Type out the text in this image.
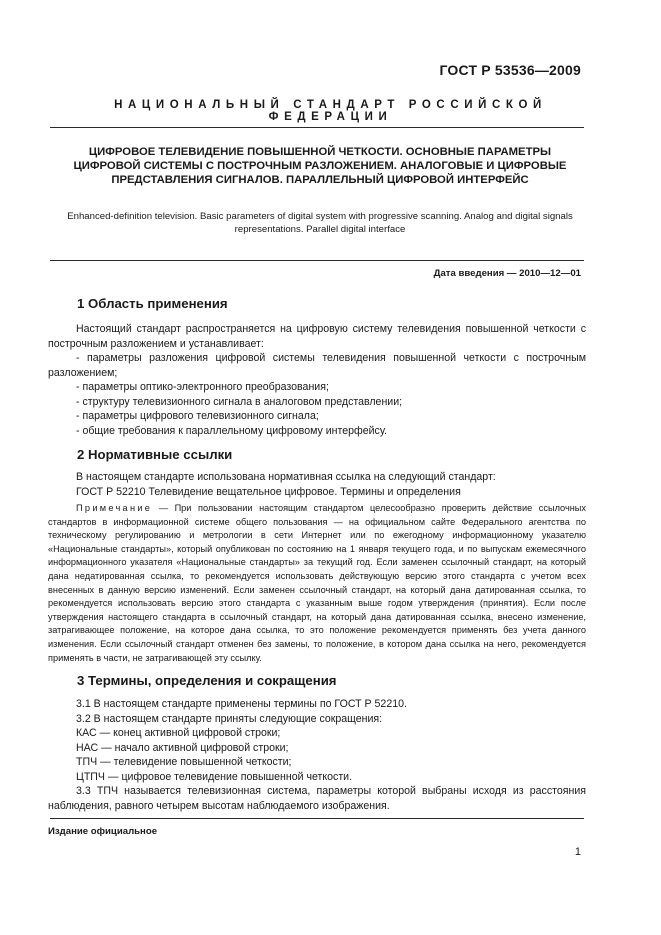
ГОСТ Р 53536—2009
НАЦИОНАЛЬНЫЙ СТАНДАРТ РОССИЙСКОЙ ФЕДЕРАЦИИ
ЦИФРОВОЕ ТЕЛЕВИДЕНИЕ ПОВЫШЕННОЙ ЧЕТКОСТИ. ОСНОВНЫЕ ПАРАМЕТРЫ ЦИФРОВОЙ СИСТЕМЫ С ПОСТРОЧНЫМ РАЗЛОЖЕНИЕМ. АНАЛОГОВЫЕ И ЦИФРОВЫЕ ПРЕДСТАВЛЕНИЯ СИГНАЛОВ. ПАРАЛЛЕЛЬНЫЙ ЦИФРОВОЙ ИНТЕРФЕЙС
Enhanced-definition television. Basic parameters of digital system with progressive scanning. Analog and digital signals representations. Parallel digital interface
Дата введения — 2010—12—01
1 Область применения

Настоящий стандарт распространяется на цифровую систему телевидения повышенной четкости с построчным разложением и устанавливает:

- параметры разложения цифровой системы телевидения повышенной четкости с построчным разложением;

- параметры оптико-электронного преобразования;

- структуру телевизионного сигнала в аналоговом представлении;

- параметры цифрового телевизионного сигнала;

- общие требования к параллельному цифровому интерфейсу.

2 Нормативные ссылки

В настоящем стандарте использована нормативная ссылка на следующий стандарт:

ГОСТ Р 52210 Телевидение вещательное цифровое. Термины и определения

Примечание — При пользовании настоящим стандартом целесообразно проверить действие ссылочных стандартов в информационной системе общего пользования — на официальном сайте Федерального агентства по техническому регулированию и метрологии в сети Интернет или по ежегодному информационному указателю «Национальные стандарты», который опубликован по состоянию на 1 января текущего года, и по выпускам ежемесячного информационного указателя «Национальные стандарты» за текущий год. Если заменен ссылочный стандарт, на который дана недатированная ссылка, то рекомендуется использовать действующую версию этого стандарта с учетом всех внесенных в данную версию изменений. Если заменен ссылочный стандарт, на который дана датированная ссылка, то рекомендуется использовать версию этого стандарта с указанным выше годом утверждения (принятия). Если после утверждения настоящего стандарта в ссылочный стандарт, на который дана датированная ссылка, внесено изменение, затрагивающее положение, на которое дана ссылка, то это положение рекомендуется применять без учета данного изменения. Если ссылочный стандарт отменен без замены, то положение, в котором дана ссылка на него, рекомендуется применять в части, не затрагивающей эту ссылку.

3 Термины, определения и сокращения

3.1 В настоящем стандарте применены термины по ГОСТ Р 52210.

3.2 В настоящем стандарте приняты следующие сокращения:

КАС — конец активной цифровой строки;

НАС — начало активной цифровой строки;

ТПЧ — телевидение повышенной четкости;

ЦТПЧ — цифровое телевидение повышенной четкости.

3.3 ТПЧ называется телевизионная система, параметры которой выбраны исходя из расстояния наблюдения, равного четырем высотам наблюдаемого изображения.

Издание официальное
1
